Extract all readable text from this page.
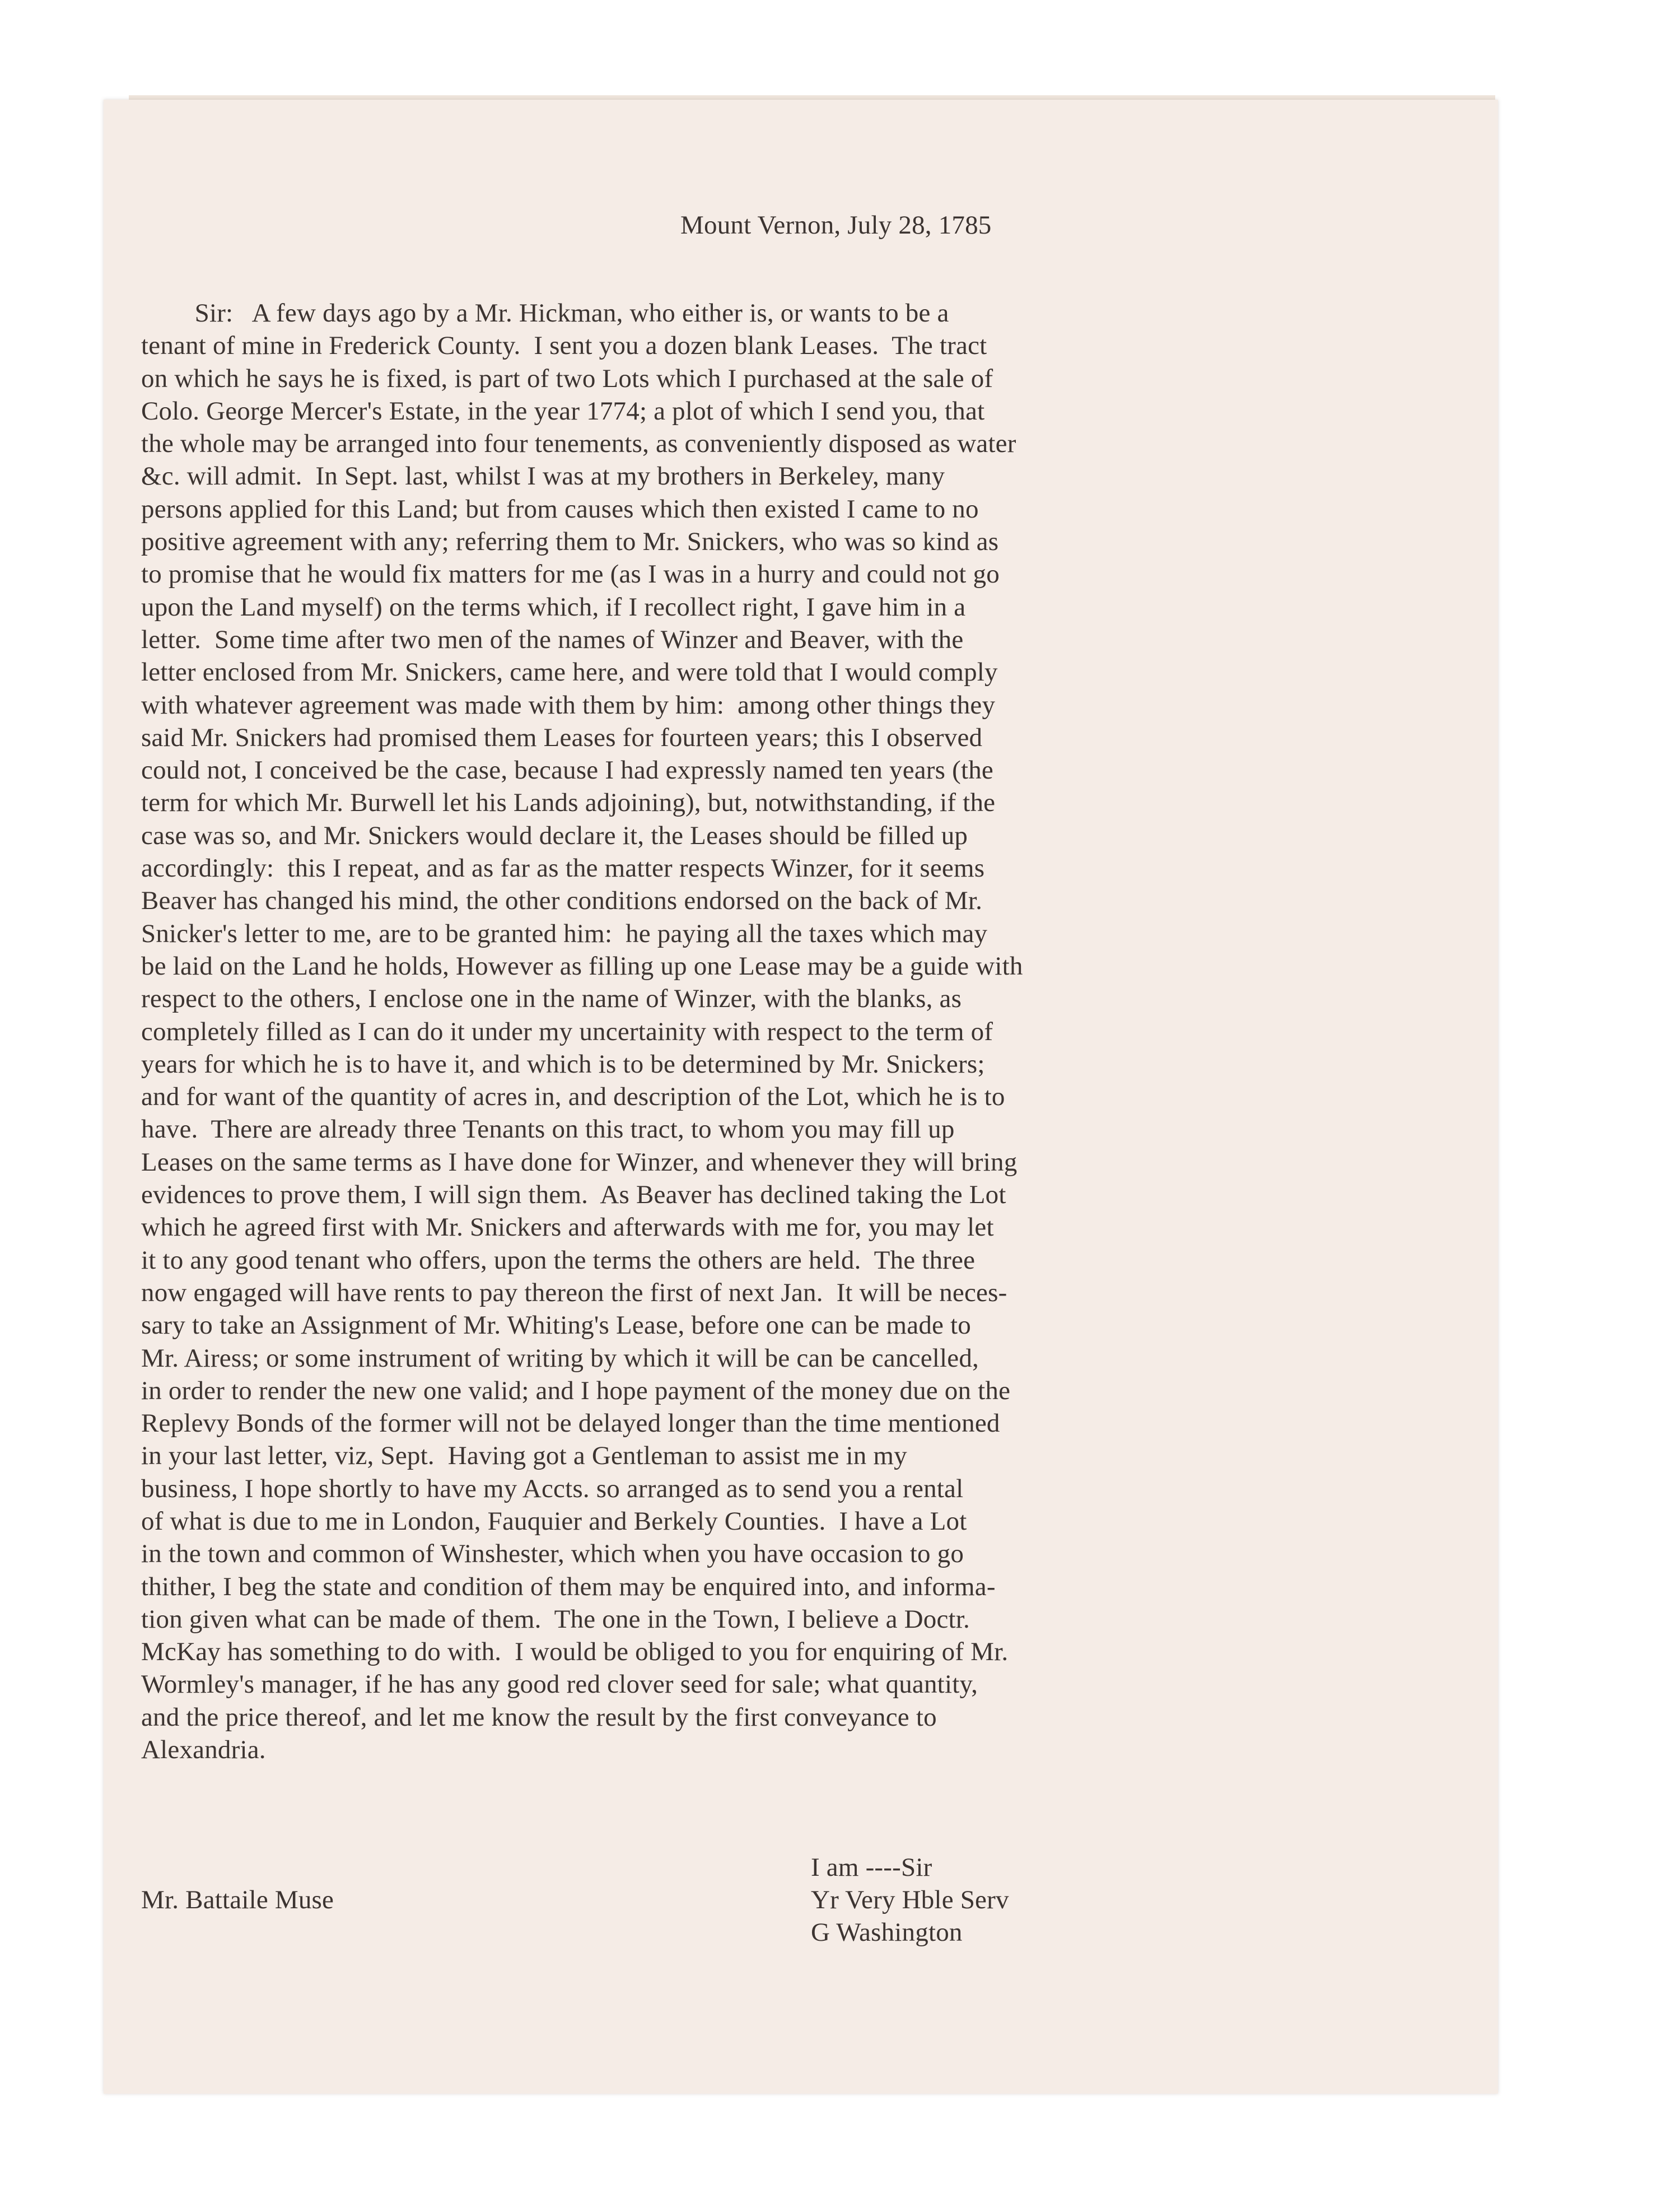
Mount Vernon, July 28, 1785

Sir:   A few days ago by a Mr. Hickman, who either is, or wants to be a
tenant of mine in Frederick County.  I sent you a dozen blank Leases.  The tract
on which he says he is fixed, is part of two Lots which I purchased at the sale of
Colo. George Mercer's Estate, in the year 1774; a plot of which I send you, that
the whole may be arranged into four tenements, as conveniently disposed as water
&c. will admit.  In Sept. last, whilst I was at my brothers in Berkeley, many
persons applied for this Land; but from causes which then existed I came to no
positive agreement with any; referring them to Mr. Snickers, who was so kind as
to promise that he would fix matters for me (as I was in a hurry and could not go
upon the Land myself) on the terms which, if I recollect right, I gave him in a
letter.  Some time after two men of the names of Winzer and Beaver, with the
letter enclosed from Mr. Snickers, came here, and were told that I would comply
with whatever agreement was made with them by him:  among other things they
said Mr. Snickers had promised them Leases for fourteen years; this I observed
could not, I conceived be the case, because I had expressly named ten years (the
term for which Mr. Burwell let his Lands adjoining), but, notwithstanding, if the
case was so, and Mr. Snickers would declare it, the Leases should be filled up
accordingly:  this I repeat, and as far as the matter respects Winzer, for it seems
Beaver has changed his mind, the other conditions endorsed on the back of Mr.
Snicker's letter to me, are to be granted him:  he paying all the taxes which may
be laid on the Land he holds, However as filling up one Lease may be a guide with
respect to the others, I enclose one in the name of Winzer, with the blanks, as
completely filled as I can do it under my uncertainity with respect to the term of
years for which he is to have it, and which is to be determined by Mr. Snickers;
and for want of the quantity of acres in, and description of the Lot, which he is to
have.  There are already three Tenants on this tract, to whom you may fill up
Leases on the same terms as I have done for Winzer, and whenever they will bring
evidences to prove them, I will sign them.  As Beaver has declined taking the Lot
which he agreed first with Mr. Snickers and afterwards with me for, you may let
it to any good tenant who offers, upon the terms the others are held.  The three
now engaged will have rents to pay thereon the first of next Jan.  It will be neces-
sary to take an Assignment of Mr. Whiting's Lease, before one can be made to
Mr. Airess; or some instrument of writing by which it will be can be cancelled,
in order to render the new one valid; and I hope payment of the money due on the
Replevy Bonds of the former will not be delayed longer than the time mentioned
in your last letter, viz, Sept.  Having got a Gentleman to assist me in my
business, I hope shortly to have my Accts. so arranged as to send you a rental
of what is due to me in London, Fauquier and Berkely Counties.  I have a Lot
in the town and common of Winshester, which when you have occasion to go
thither, I beg the state and condition of them may be enquired into, and informa-
tion given what can be made of them.  The one in the Town, I believe a Doctr.
McKay has something to do with.  I would be obliged to you for enquiring of Mr.
Wormley's manager, if he has any good red clover seed for sale; what quantity,
and the price thereof, and let me know the result by the first conveyance to
Alexandria.

Mr. Battaile Muse

I am ----Sir
Yr Very Hble Serv
G Washington
